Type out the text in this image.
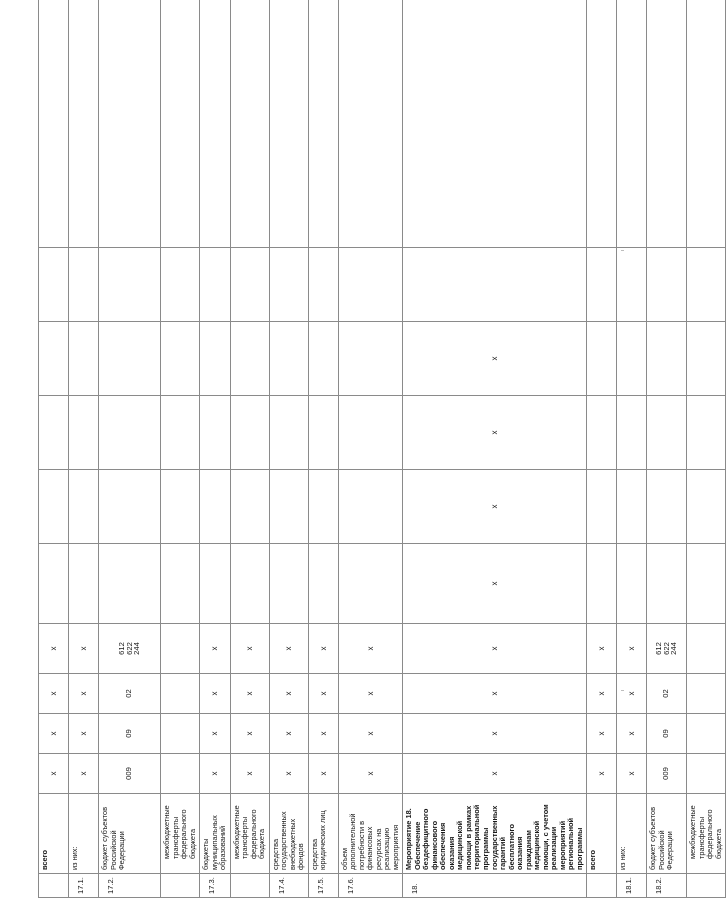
	всего	x	x	x	x						
17.1.	из них:	x	x	x	x						
17.2.	бюджет субъектов Российской Федерации	009	09	02	612
622
244						

	межбюджетные трансферты федерального бюджета										
17.3.	бюджеты муниципальных образований	x	x	x	x						
	межбюджетные трансферты федерального бюджета	x	x	x	x						
17.4.	средства государственных внебюджетных фондов	x	x	x	x						
17.5.	средства юридических лиц	x	x	x	x						
17.6.	объем дополнительной потребности в финансовых ресурсах на реализацию мероприятия	x	x	x	x						
18.	Мероприятие 18. Обеспечение бездефицитного финансового обеспечения оказания медицинской помощи в рамках территориальной программы государственных гарантий бесплатного оказания гражданам медицинской помощи, с учетом реализации мероприятий региональной программы	x	x	x	x	x	x	x	x		
	всего	x	x	x	x						
18.1.	из них:	x	x	x	x						
18.2.	бюджет субъектов Российской Федерации	009	09	02	612
622
244						

	межбюджетные трансферты федерального бюджета										
